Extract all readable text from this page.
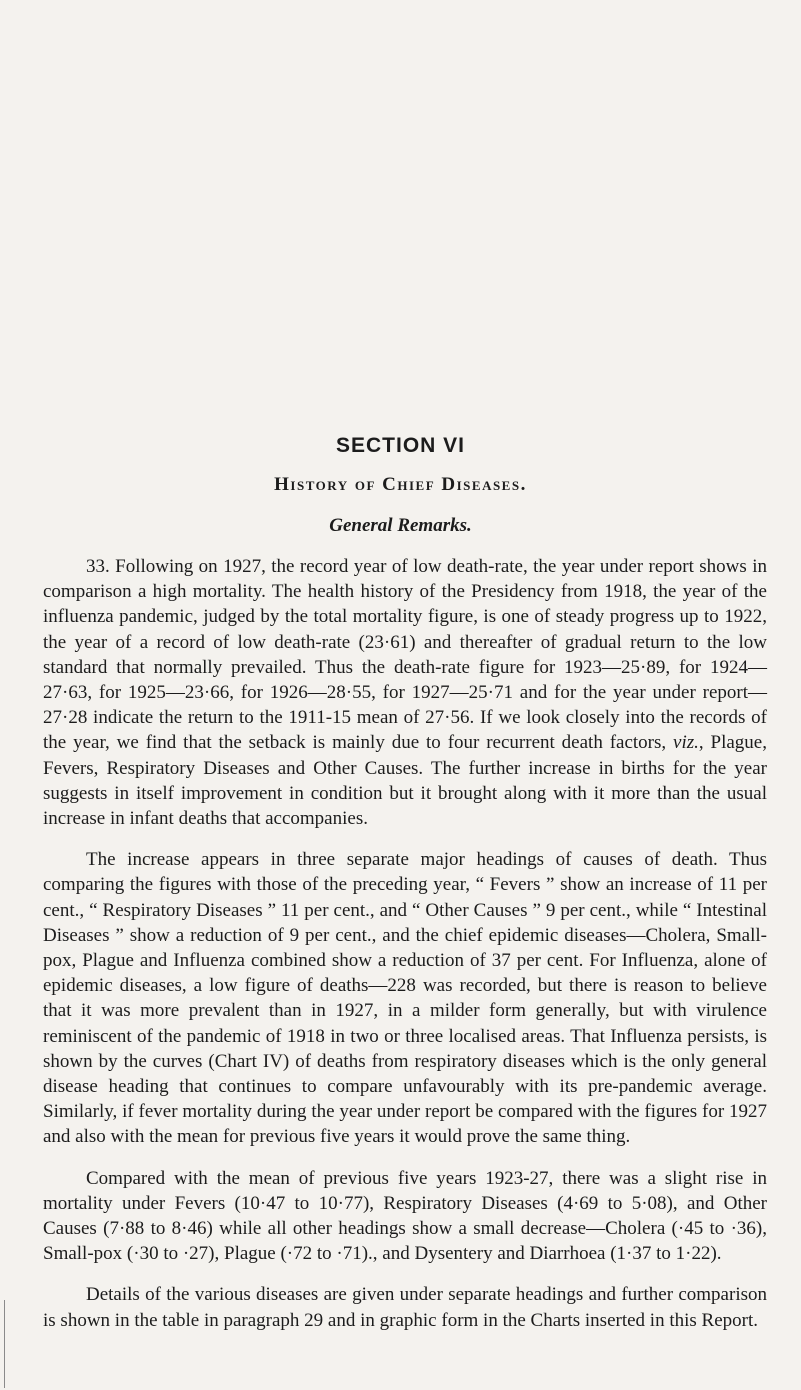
SECTION VI
History of Chief Diseases.
General Remarks.

33. Following on 1927, the record year of low death-rate, the year under report shows in comparison a high mortality. The health history of the Presidency from 1918, the year of the influenza pandemic, judged by the total mortality figure, is one of steady progress up to 1922, the year of a record of low death-rate (23·61) and thereafter of gradual return to the low standard that normally prevailed. Thus the death-rate figure for 1923—25·89, for 1924—27·63, for 1925—23·66, for 1926—28·55, for 1927—25·71 and for the year under report—27·28 indicate the return to the 1911-15 mean of 27·56. If we look closely into the records of the year, we find that the setback is mainly due to four recurrent death factors, viz., Plague, Fevers, Respiratory Diseases and Other Causes. The further increase in births for the year suggests in itself improvement in condition but it brought along with it more than the usual increase in infant deaths that accompanies.

The increase appears in three separate major headings of causes of death. Thus comparing the figures with those of the preceding year, “ Fevers ” show an increase of 11 per cent., “ Respiratory Diseases ” 11 per cent., and “ Other Causes ” 9 per cent., while “ Intestinal Diseases ” show a reduction of 9 per cent., and the chief epidemic diseases—Cholera, Small-pox, Plague and Influenza combined show a reduction of 37 per cent. For Influenza, alone of epidemic diseases, a low figure of deaths—228 was recorded, but there is reason to believe that it was more prevalent than in 1927, in a milder form generally, but with virulence reminiscent of the pandemic of 1918 in two or three localised areas. That Influenza persists, is shown by the curves (Chart IV) of deaths from respiratory diseases which is the only general disease heading that continues to compare unfavourably with its pre-pandemic average. Similarly, if fever mortality during the year under report be compared with the figures for 1927 and also with the mean for previous five years it would prove the same thing.

Compared with the mean of previous five years 1923-27, there was a slight rise in mortality under Fevers (10·47 to 10·77), Respiratory Diseases (4·69 to 5·08), and Other Causes (7·88 to 8·46) while all other headings show a small decrease—Cholera (·45 to ·36), Small-pox (·30 to ·27), Plague (·72 to ·71)., and Dysentery and Diarrhoea (1·37 to 1·22).

Details of the various diseases are given under separate headings and further comparison is shown in the table in paragraph 29 and in graphic form in the Charts inserted in this Report.
